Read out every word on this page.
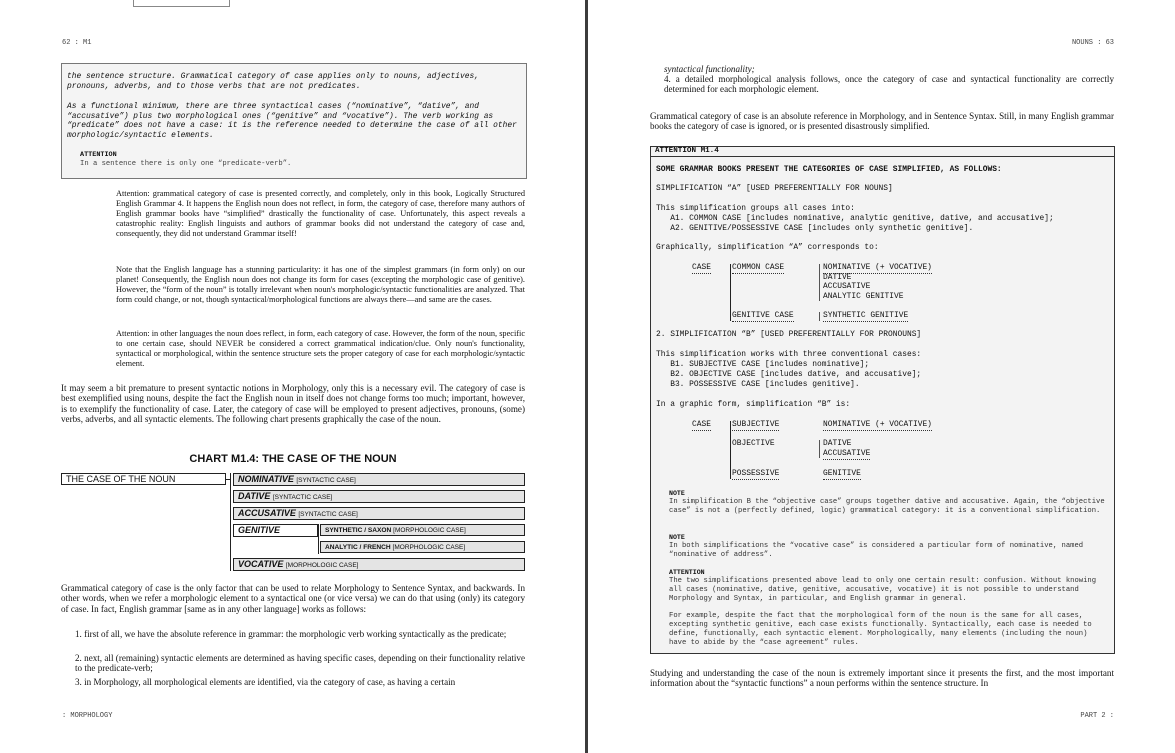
62 : M1

the sentence structure. Grammatical category of case applies only to nouns, adjectives, pronouns, adverbs, and to those verbs that are not predicates.

As a functional minimum, there are three syntactical cases (“nominative”, “dative”, and “accusative”) plus two morphological ones (“genitive” and “vocative”). The verb working as “predicate” does not have a case: it is the reference needed to determine the case of all other morphologic/syntactic elements.

ATTENTION
In a sentence there is only one “predicate-verb”.

Attention: grammatical category of case is presented correctly, and completely, only in this book, Logically Structured English Grammar 4. It happens the English noun does not reflect, in form, the category of case, therefore many authors of English grammar books have “simplified” drastically the functionality of case. Unfortunately, this aspect reveals a catastrophic reality: English linguists and authors of grammar books did not understand the category of case and, consequently, they did not understand Grammar itself!

Note that the English language has a stunning particularity: it has one of the simplest grammars (in form only) on our planet! Consequently, the English noun does not change its form for cases (excepting the morphologic case of genitive). However, the “form of the noun” is totally irrelevant when noun's morphologic/syntactic functionalities are analyzed. That form could change, or not, though syntactical/morphological functions are always there—and same are the cases.

Attention: in other languages the noun does reflect, in form, each category of case. However, the form of the noun, specific to one certain case, should NEVER be considered a correct grammatical indication/clue. Only noun's functionality, syntactical or morphological, within the sentence structure sets the proper category of case for each morphologic/syntactic element.

It may seem a bit premature to present syntactic notions in Morphology, only this is a necessary evil. The category of case is best exemplified using nouns, despite the fact the English noun in itself does not change forms too much; important, however, is to exemplify the functionality of case. Later, the category of case will be employed to present adjectives, pronouns, (some) verbs, adverbs, and all syntactic elements. The following chart presents graphically the case of the noun.

CHART M1.4: THE CASE OF THE NOUN
THE CASE OF THE NOUN	NOMINATIVE [SYNTACTIC CASE]
DATIVE [SYNTACTIC CASE]
ACCUSATIVE [SYNTACTIC CASE]
GENITIVE	SYNTHETIC / SAXON [MORPHOLOGIC CASE]
ANALYTIC / FRENCH [MORPHOLOGIC CASE]
VOCATIVE [MORPHOLOGIC CASE]

Grammatical category of case is the only factor that can be used to relate Morphology to Sentence Syntax, and backwards. In other words, when we refer a morphologic element to a syntactical one (or vice versa) we can do that using (only) its category of case. In fact, English grammar [same as in any other language] works as follows:

1. first of all, we have the absolute reference in grammar: the morphologic verb working syntactically as the predicate;
2. next, all (remaining) syntactic elements are determined as having specific cases, depending on their functionality relative to the predicate-verb;
3. in Morphology, all morphological elements are identified, via the category of case, as having a certain
: MORPHOLOGY
NOUNS : 63
syntactical functionality;
4. a detailed morphological analysis follows, once the category of case and syntactical functionality are correctly determined for each morphologic element.

Grammatical category of case is an absolute reference in Morphology, and in Sentence Syntax. Still, in many English grammar books the category of case is ignored, or is presented disastrously simplified.

ATTENTION M1.4
SOME GRAMMAR BOOKS PRESENT THE CATEGORIES OF CASE SIMPLIFIED, AS FOLLOWS:
SIMPLIFICATION “A” [USED PREFERENTIALLY FOR NOUNS]
This simplification groups all cases into:
A1. COMMON CASE [includes nominative, analytic genitive, dative, and accusative];
A2. GENITIVE/POSSESSIVE CASE [includes only synthetic genitive].
Graphically, simplification “A” corresponds to:
CASE	COMMON CASE	NOMINATIVE (+ VOCATIVE)
DATIVE
ACCUSATIVE
ANALYTIC GENITIVE
GENITIVE CASE	SYNTHETIC GENITIVE
2. SIMPLIFICATION “B” [USED PREFERENTIALLY FOR PRONOUNS]
This simplification works with three conventional cases:
B1. SUBJECTIVE CASE [includes nominative];
B2. OBJECTIVE CASE [includes dative, and accusative];
B3. POSSESSIVE CASE [includes genitive].
In a graphic form, simplification “B” is:
CASE	SUBJECTIVE	NOMINATIVE (+ VOCATIVE)
OBJECTIVE	DATIVE
ACCUSATIVE
POSSESSIVE	GENITIVE
NOTE
In simplification B the “objective case” groups together dative and accusative. Again, the “objective case” is not a (perfectly defined, logic) grammatical category: it is a conventional simplification.
NOTE
In both simplifications the “vocative case” is considered a particular form of nominative, named “nominative of address”.
ATTENTION
The two simplifications presented above lead to only one certain result: confusion. Without knowing all cases (nominative, dative, genitive, accusative, vocative) it is not possible to understand Morphology and Syntax, in particular, and English grammar in general.
For example, despite the fact that the morphological form of the noun is the same for all cases, excepting synthetic genitive, each case exists functionally. Syntactically, each case is needed to define, functionally, each syntactic element. Morphologically, many elements (including the noun) have to abide by the “case agreement” rules.

Studying and understanding the case of the noun is extremely important since it presents the first, and the most important information about the “syntactic functions” a noun performs within the sentence structure. In

PART 2 :
